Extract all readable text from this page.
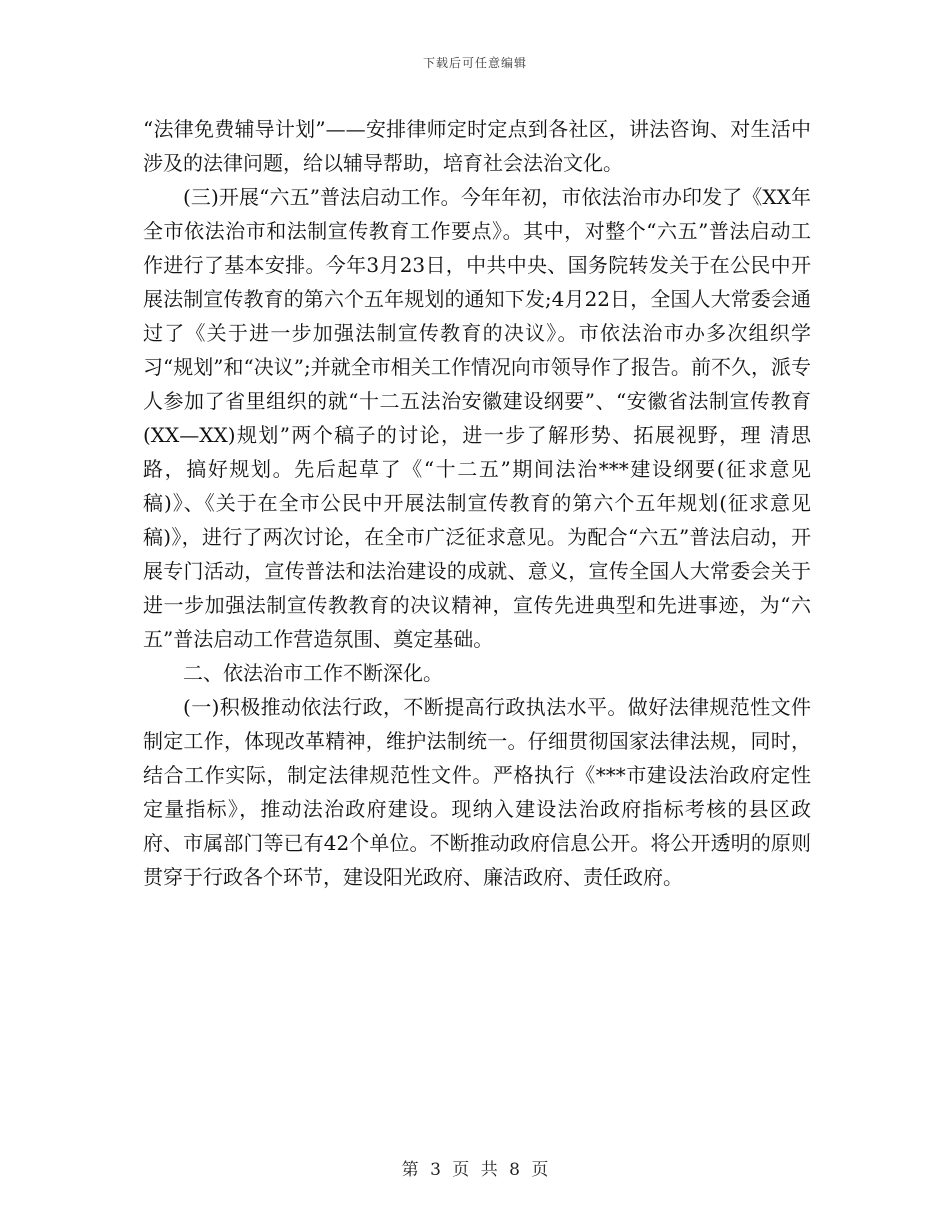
下载后可任意编辑

“法律免费辅导计划”——安排律师定时定点到各社区，讲法咨询、对生活中涉及的法律问题，给以辅导帮助，培育社会法治文化。

(三)开展“六五”普法启动工作。今年年初，市依法治市办印发了《XX年全市依法治市和法制宣传教育工作要点》。其中，对整个“六五”普法启动工作进行了基本安排。今年3月23日，中共中央、国务院转发关于在公民中开展法制宣传教育的第六个五年规划的通知下发;4月22日，全国人大常委会通过了《关于进一步加强法制宣传教育的决议》。市依法治市办多次组织学习“规划”和“决议”;并就全市相关工作情况向市领导作了报告。前不久，派专人参加了省里组织的就“十二五法治安徽建设纲要”、“安徽省法制宣传教育(XX—XX)规划”两个稿子的讨论，进一步了解形势、拓展视野，理 清思路，搞好规划。先后起草了《“十二五”期间法治***建设纲要(征求意见稿)》、《关于在全市公民中开展法制宣传教育的第六个五年规划(征求意见稿)》，进行了两次讨论，在全市广泛征求意见。为配合“六五”普法启动，开展专门活动，宣传普法和法治建设的成就、意义，宣传全国人大常委会关于进一步加强法制宣传教教育的决议精神，宣传先进典型和先进事迹，为“六五”普法启动工作营造氛围、奠定基础。

二、依法治市工作不断深化。

(一)积极推动依法行政，不断提高行政执法水平。做好法律规范性文件制定工作，体现改革精神，维护法制统一。仔细贯彻国家法律法规，同时，结合工作实际，制定法律规范性文件。严格执行《***市建设法治政府定性定量指标》，推动法治政府建设。现纳入建设法治政府指标考核的县区政府、市属部门等已有42个单位。不断推动政府信息公开。将公开透明的原则贯穿于行政各个环节，建设阳光政府、廉洁政府、责任政府。

第 3 页 共 8 页
